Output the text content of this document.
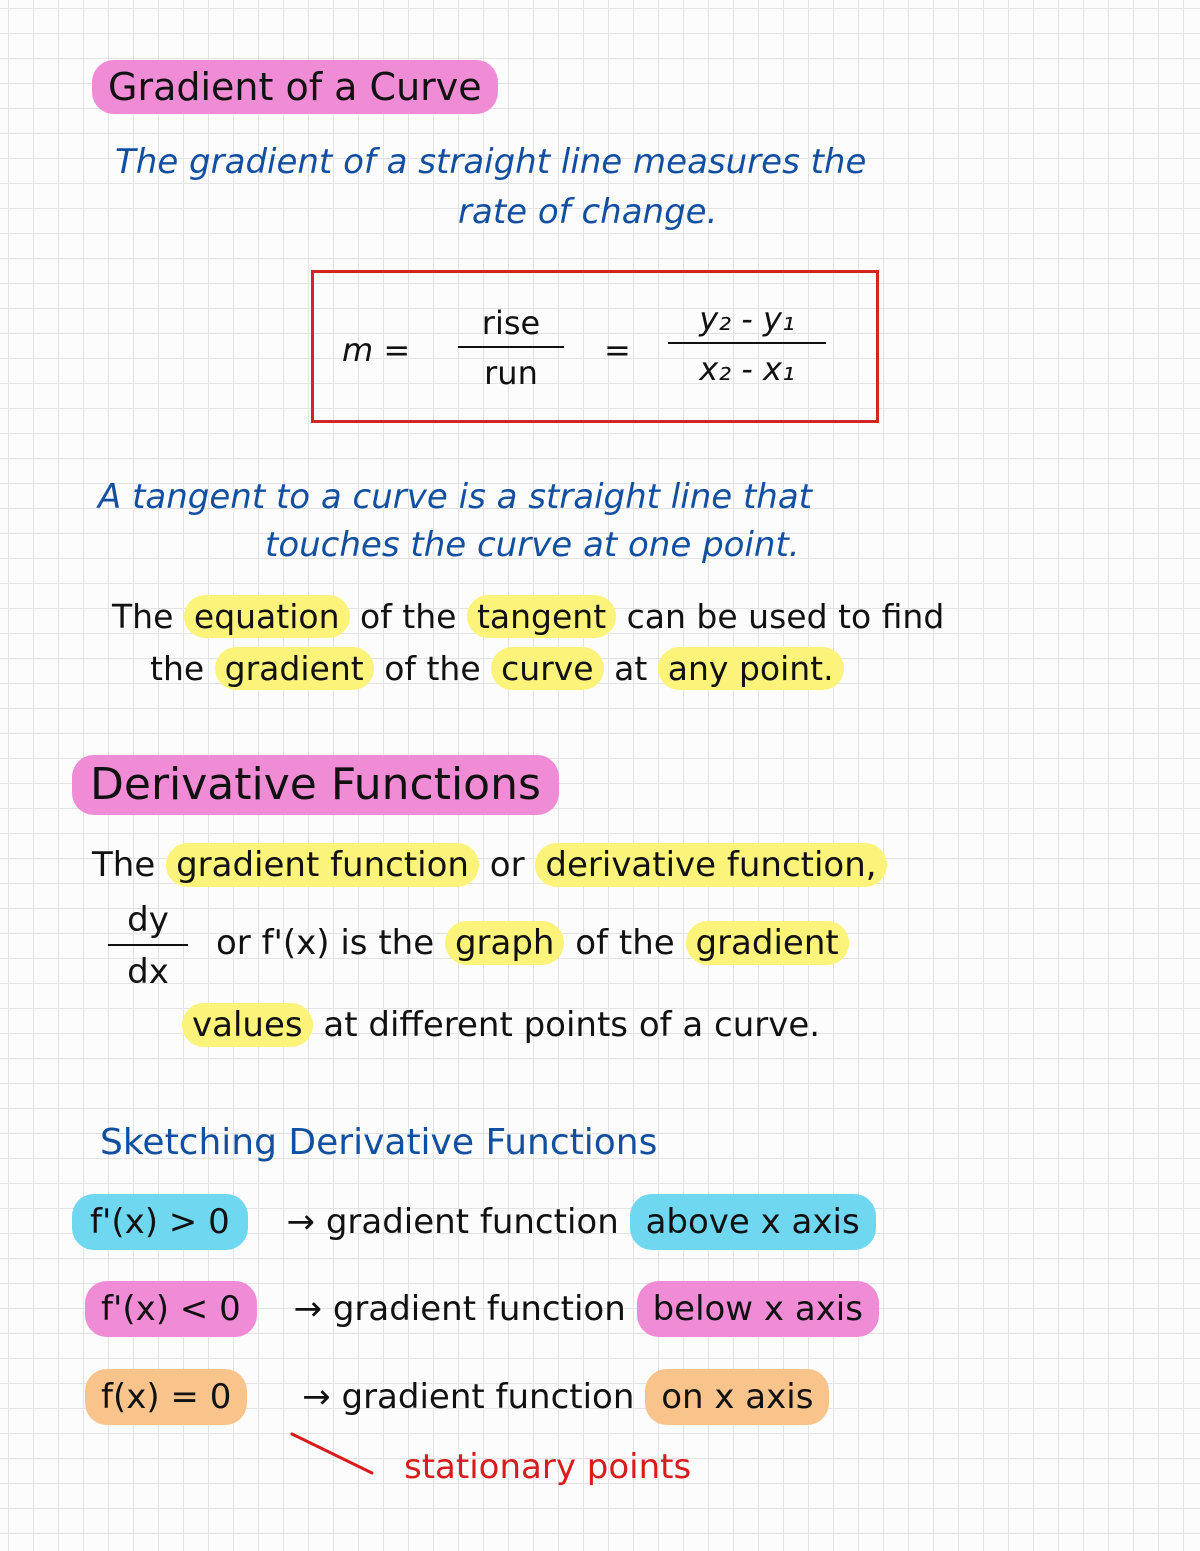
Gradient of a Curve
The gradient of a straight line measures the
rate of change.
m =
rise
run
=
y₂ - y₁
x₂ - x₁
A tangent to a curve is a straight line that
touches the curve at one point.
The equation of the tangent can be used to find
the gradient of the curve at any point.
Derivative Functions
The gradient function or derivative function,
dy
dx
or f'(x) is the graph of the gradient
values at different points of a curve.
Sketching Derivative Functions
f'(x) > 0 → gradient function above x axis
f'(x) < 0 → gradient function below x axis
f(x) = 0 → gradient function on x axis
stationary points
